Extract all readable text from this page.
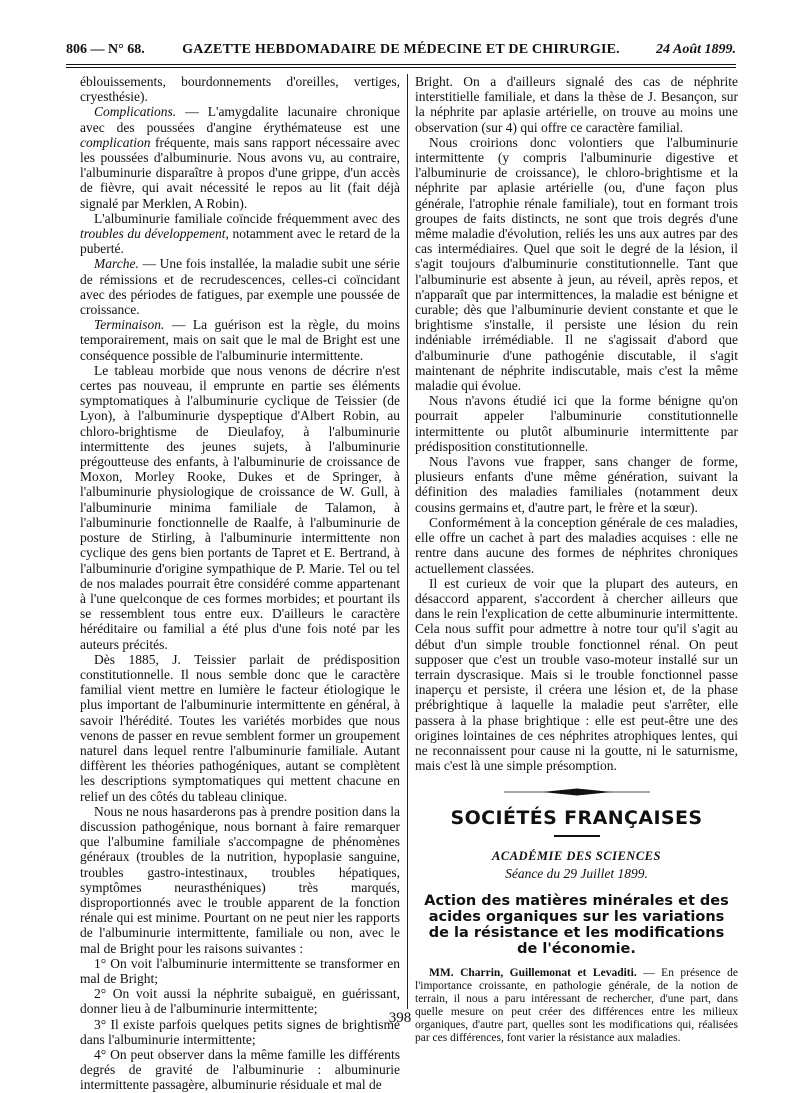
806 — N° 68.	GAZETTE HEBDOMADAIRE DE MÉDECINE ET DE CHIRURGIE.	24 Août 1899.

éblouissements, bourdonnements d'oreilles, vertiges, cryesthésie).

Complications. — L'amygdalite lacunaire chronique avec des poussées d'angine érythémateuse est une complication fréquente, mais sans rapport nécessaire avec les poussées d'albuminurie. Nous avons vu, au contraire, l'albuminurie disparaître à propos d'une grippe, d'un accès de fièvre, qui avait nécessité le repos au lit (fait déjà signalé par Merklen, A Robin).

L'albuminurie familiale coïncide fréquemment avec des troubles du développement, notamment avec le retard de la puberté.

Marche. — Une fois installée, la maladie subit une série de rémissions et de recrudescences, celles-ci coïncidant avec des périodes de fatigues, par exemple une poussée de croissance.

Terminaison. — La guérison est la règle, du moins temporairement, mais on sait que le mal de Bright est une conséquence possible de l'albuminurie intermittente.

Le tableau morbide que nous venons de décrire n'est certes pas nouveau, il emprunte en partie ses éléments symptomatiques à l'albuminurie cyclique de Teissier (de Lyon), à l'albuminurie dyspeptique d'Albert Robin, au chloro-brightisme de Dieulafoy, à l'albuminurie intermittente des jeunes sujets, à l'albuminurie prégoutteuse des enfants, à l'albuminurie de croissance de Moxon, Morley Rooke, Dukes et de Springer, à l'albuminurie physiologique de croissance de W. Gull, à l'albuminurie minima familiale de Talamon, à l'albuminurie fonctionnelle de Raalfe, à l'albuminurie de posture de Stirling, à l'albuminurie intermittente non cyclique des gens bien portants de Tapret et E. Bertrand, à l'albuminurie d'origine sympathique de P. Marie. Tel ou tel de nos malades pourrait être considéré comme appartenant à l'une quelconque de ces formes morbides; et pourtant ils se ressemblent tous entre eux. D'ailleurs le caractère héréditaire ou familial a été plus d'une fois noté par les auteurs précités.

Dès 1885, J. Teissier parlait de prédisposition constitutionnelle. Il nous semble donc que le caractère familial vient mettre en lumière le facteur étiologique le plus important de l'albuminurie intermittente en général, à savoir l'hérédité. Toutes les variétés morbides que nous venons de passer en revue semblent former un groupement naturel dans lequel rentre l'albuminurie familiale. Autant diffèrent les théories pathogéniques, autant se complètent les descriptions symptomatiques qui mettent chacune en relief un des côtés du tableau clinique.

Nous ne nous hasarderons pas à prendre position dans la discussion pathogénique, nous bornant à faire remarquer que l'albumine familiale s'accompagne de phénomènes généraux (troubles de la nutrition, hypoplasie sanguine, troubles gastro-intestinaux, troubles hépatiques, symptômes neurasthéniques) très marqués, disproportionnés avec le trouble apparent de la fonction rénale qui est minime. Pourtant on ne peut nier les rapports de l'albuminurie intermittente, familiale ou non, avec le mal de Bright pour les raisons suivantes :

1° On voit l'albuminurie intermittente se transformer en mal de Bright;

2° On voit aussi la néphrite subaiguë, en guérissant, donner lieu à de l'albuminurie intermittente;

3° Il existe parfois quelques petits signes de brightisme dans l'albuminurie intermittente;

4° On peut observer dans la même famille les différents degrés de gravité de l'albuminurie : albuminurie intermittente passagère, albuminurie résiduale et mal de

Bright. On a d'ailleurs signalé des cas de néphrite interstitielle familiale, et dans la thèse de J. Besançon, sur la néphrite par aplasie artérielle, on trouve au moins une observation (sur 4) qui offre ce caractère familial.

Nous croirions donc volontiers que l'albuminurie intermittente (y compris l'albuminurie digestive et l'albuminurie de croissance), le chloro-brightisme et la néphrite par aplasie artérielle (ou, d'une façon plus générale, l'atrophie rénale familiale), tout en formant trois groupes de faits distincts, ne sont que trois degrés d'une même maladie d'évolution, reliés les uns aux autres par des cas intermédiaires. Quel que soit le degré de la lésion, il s'agit toujours d'albuminurie constitutionnelle. Tant que l'albuminurie est absente à jeun, au réveil, après repos, et n'apparaît que par intermittences, la maladie est bénigne et curable; dès que l'albuminurie devient constante et que le brightisme s'installe, il persiste une lésion du rein indéniable irrémédiable. Il ne s'agissait d'abord que d'albuminurie d'une pathogénie discutable, il s'agit maintenant de néphrite indiscutable, mais c'est la même maladie qui évolue.

Nous n'avons étudié ici que la forme bénigne qu'on pourrait appeler l'albuminurie constitutionnelle intermittente ou plutôt albuminurie intermittente par prédisposition constitutionnelle.

Nous l'avons vue frapper, sans changer de forme, plusieurs enfants d'une même génération, suivant la définition des maladies familiales (notamment deux cousins germains et, d'autre part, le frère et la sœur).

Conformément à la conception générale de ces maladies, elle offre un cachet à part des maladies acquises : elle ne rentre dans aucune des formes de néphrites chroniques actuellement classées.

Il est curieux de voir que la plupart des auteurs, en désaccord apparent, s'accordent à chercher ailleurs que dans le rein l'explication de cette albuminurie intermittente. Cela nous suffit pour admettre à notre tour qu'il s'agit au début d'un simple trouble fonctionnel rénal. On peut supposer que c'est un trouble vaso-moteur installé sur un terrain dyscrasique. Mais si le trouble fonctionnel passe inaperçu et persiste, il créera une lésion et, de la phase prébrightique à laquelle la maladie peut s'arrêter, elle passera à la phase brightique : elle est peut-être une des origines lointaines de ces néphrites atrophiques lentes, qui ne reconnaissent pour cause ni la goutte, ni le saturnisme, mais c'est là une simple présomption.

SOCIÉTÉS FRANÇAISES
ACADÉMIE DES SCIENCES
Séance du 29 Juillet 1899.
Action des matières minérales et des acides organiques sur les variations de la résistance et les modifications de l'économie.

MM. Charrin, Guillemonat et Levaditi. — En présence de l'importance croissante, en pathologie générale, de la notion de terrain, il nous a paru intéressant de rechercher, d'une part, dans quelle mesure on peut créer des différences entre les milieux organiques, d'autre part, quelles sont les modifications qui, réalisées par ces différences, font varier la résistance aux maladies.

398
